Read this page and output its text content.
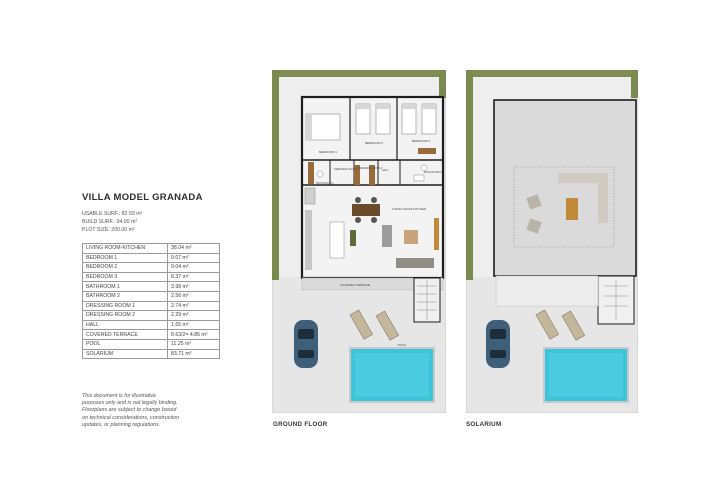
VILLA MODEL GRANADA
USABLE SURF.: 82.59 m²
BUILD SURF.: 94.00 m²
PLOT SIZE: 200.00 m²
LIVING ROOM-KITCHEN	38.04 m²
BEDROOM 1	9.07 m²
BEDROOM 2	9.04 m²
BEDROOM 3	8.37 m²
BATHROOM 1	3.98 m²
BATHROOM 2	2.56 m²
DRESSING ROOM 1	2.74 m²
DRESSING ROOM 2	2.29 m²
HALL	1.65 m²
COVERED TERRACE	8.63/2= 4.85 m²
POOL	11.25 m²
SOLARIUM	83.71 m²
This document is for illustrative
purposes only and is not legally binding.
Floorplans are subject to change based
on technical considerations, construction
updates, or planning regulations.
BEDROOM 1
BEDROOM 2	BEDROOM 3
BATH ROOM 1
DRESSING ROOM 1 DRESSING ROOM 2
HALL
BATH ROOM 2
LIVING ROOM-KITCHEN
COVERED TERRACE
POOL
GROUND FLOOR	SOLARIUM
